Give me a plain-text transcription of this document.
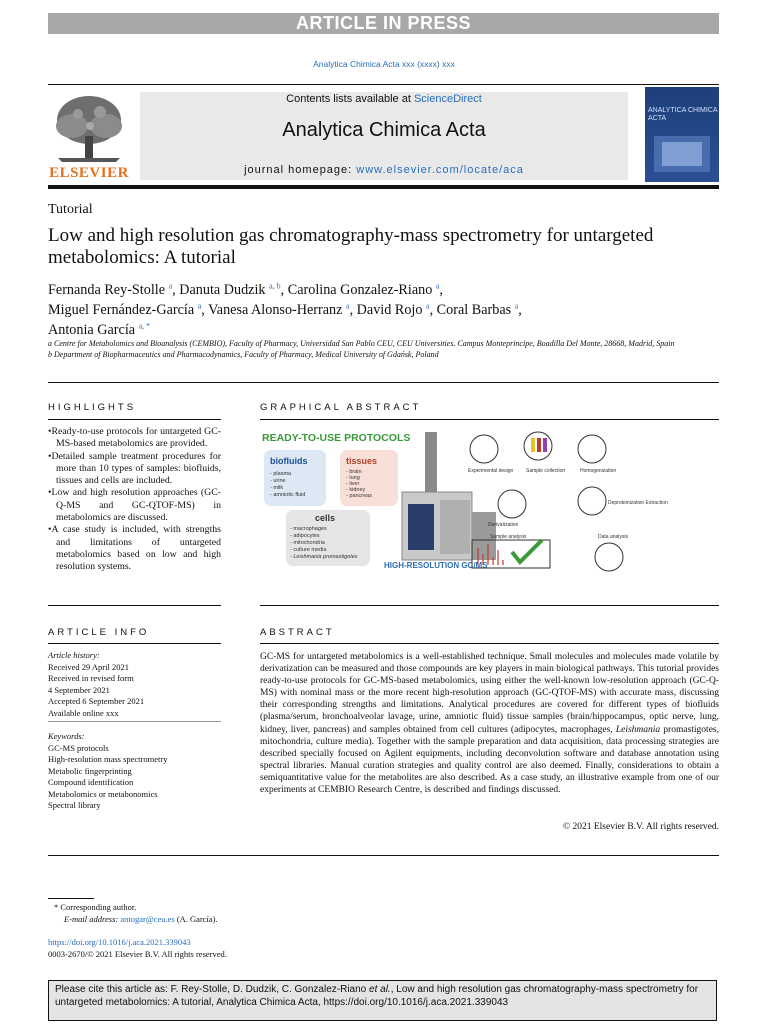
ARTICLE IN PRESS
Analytica Chimica Acta xxx (xxxx) xxx
Contents lists available at ScienceDirect
Analytica Chimica Acta
journal homepage: www.elsevier.com/locate/aca
ELSEVIER
ANALYTICA CHIMICA ACTA
Tutorial
Low and high resolution gas chromatography-mass spectrometry for untargeted metabolomics: A tutorial
Fernanda Rey-Stolle $^a$, Danuta Dudzik $^{a, b}$, Carolina Gonzalez-Riano $^a$,
Miguel Fernández-García $^a$, Vanesa Alonso-Herranz $^a$, David Rojo $^a$, Coral Barbas $^a$,
Antonia García $^{a, *}$
a Centre for Metabolomics and Bioanalysis (CEMBIO), Faculty of Pharmacy, Universidad San Pablo CEU, CEU Universities. Campus Monteprincipe, Boadilla Del Monte, 28668, Madrid, Spain
b Department of Biopharmaceutics and Pharmacodynamics, Faculty of Pharmacy, Medical University of Gdańsk, Poland
HIGHLIGHTS
• Ready-to-use protocols for untargeted GC-MS-based metabolomics are provided.
• Detailed sample treatment procedures for more than 10 types of samples: biofluids, tissues and cells are included.
• Low and high resolution approaches (GC-Q-MS and GC-QTOF-MS) in metabolomics are discussed.
• A case study is included, with strengths and limitations of untargeted metabolomics based on low and high resolution systems.
GRAPHICAL ABSTRACT
READY-TO-USE PROTOCOLS
biofluids
- plasma
- urine
- milk
- amniotic fluid
tissues
- brain
- lung
- liver
- kidney
- pancreas
cells
- macrophages
- adipocytes
- mitochondria
- culture media
- Leishmania promastigotes
HIGH-RESOLUTION GC/MS
Experimental design	Sample collection	Homogenization
Deproteinization Extraction
Derivatization
Sample analysis	Data analysis
ARTICLE INFO
Article history:
Received 29 April 2021
Received in revised form
4 September 2021
Accepted 6 September 2021
Available online xxx
Keywords:
GC-MS protocols
High-resolution mass spectrometry
Metabolic fingerprinting
Compound identification
Metabolomics or metabonomics
Spectral library
ABSTRACT
GC-MS for untargeted metabolomics is a well-established technique. Small molecules and molecules made volatile by derivatization can be measured and those compounds are key players in main biological pathways. This tutorial provides ready-to-use protocols for GC-MS-based metabolomics, using either the well-known low-resolution approach (GC-Q-MS) with nominal mass or the more recent high-resolution approach (GC-QTOF-MS) with accurate mass, discussing their corresponding strengths and limitations. Analytical procedures are covered for different types of biofluids (plasma/serum, bronchoalveolar lavage, urine, amniotic fluid) tissue samples (brain/hippocampus, optic nerve, lung, kidney, liver, pancreas) and samples obtained from cell cultures (adipocytes, macrophages, Leishmania promastigotes, mitochondria, culture media). Together with the sample preparation and data acquisition, data processing strategies are described specially focused on Agilent equipments, including deconvolution software and database annotation using spectral libraries. Manual curation strategies and quality control are also deemed. Finally, considerations to obtain a semiquantitative value for the metabolites are also described. As a case study, an illustrative example from one of our experiments at CEMBIO Research Centre, is described and findings discussed.
© 2021 Elsevier B.V. All rights reserved.
* Corresponding author.
E-mail address: antogar@ceu.es (A. García).
https://doi.org/10.1016/j.aca.2021.339043
0003-2670/© 2021 Elsevier B.V. All rights reserved.
Please cite this article as: F. Rey-Stolle, D. Dudzik, C. Gonzalez-Riano et al., Low and high resolution gas chromatography-mass spectrometry for untargeted metabolomics: A tutorial, Analytica Chimica Acta, https://doi.org/10.1016/j.aca.2021.339043
